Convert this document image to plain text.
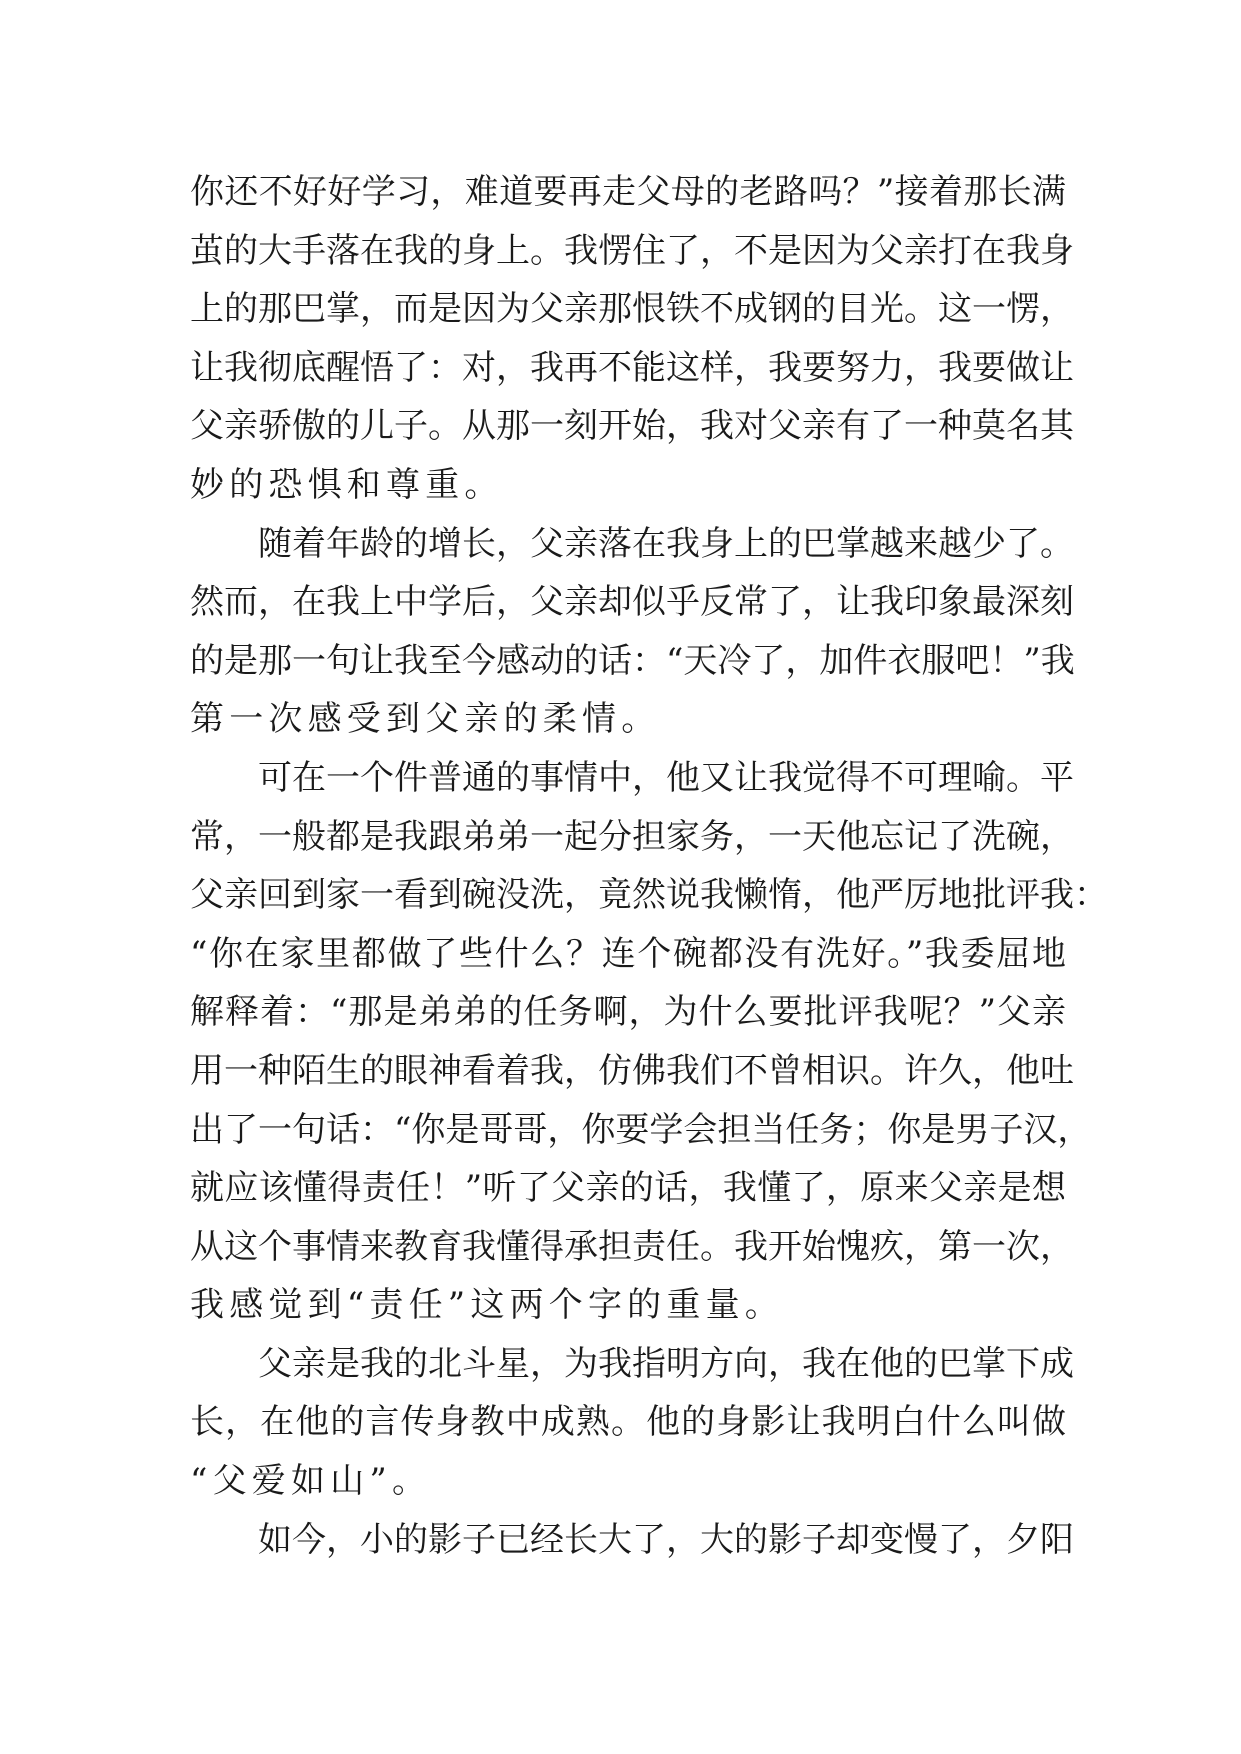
你还不好好学习，难道要再走父母的老路吗？”接着那长满
茧的大手落在我的身上。我愣住了，不是因为父亲打在我身
上的那巴掌，而是因为父亲那恨铁不成钢的目光。这一愣，
让我彻底醒悟了：对，我再不能这样，我要努力，我要做让
父亲骄傲的儿子。从那一刻开始，我对父亲有了一种莫名其
妙的恐惧和尊重。
随着年龄的增长，父亲落在我身上的巴掌越来越少了。
然而，在我上中学后，父亲却似乎反常了，让我印象最深刻
的是那一句让我至今感动的话：“天冷了，加件衣服吧！”我
第一次感受到父亲的柔情。
可在一个件普通的事情中，他又让我觉得不可理喻。平
常，一般都是我跟弟弟一起分担家务，一天他忘记了洗碗，
父亲回到家一看到碗没洗，竟然说我懒惰，他严厉地批评我：
“你在家里都做了些什么？连个碗都没有洗好。”我委屈地
解释着：“那是弟弟的任务啊，为什么要批评我呢？”父亲
用一种陌生的眼神看着我，仿佛我们不曾相识。许久，他吐
出了一句话：“你是哥哥，你要学会担当任务；你是男子汉，
就应该懂得责任！”听了父亲的话，我懂了，原来父亲是想
从这个事情来教育我懂得承担责任。我开始愧疚，第一次，
我感觉到“责任”这两个字的重量。
父亲是我的北斗星，为我指明方向，我在他的巴掌下成
长，在他的言传身教中成熟。他的身影让我明白什么叫做
“父爱如山”。
如今，小的影子已经长大了，大的影子却变慢了，夕阳
